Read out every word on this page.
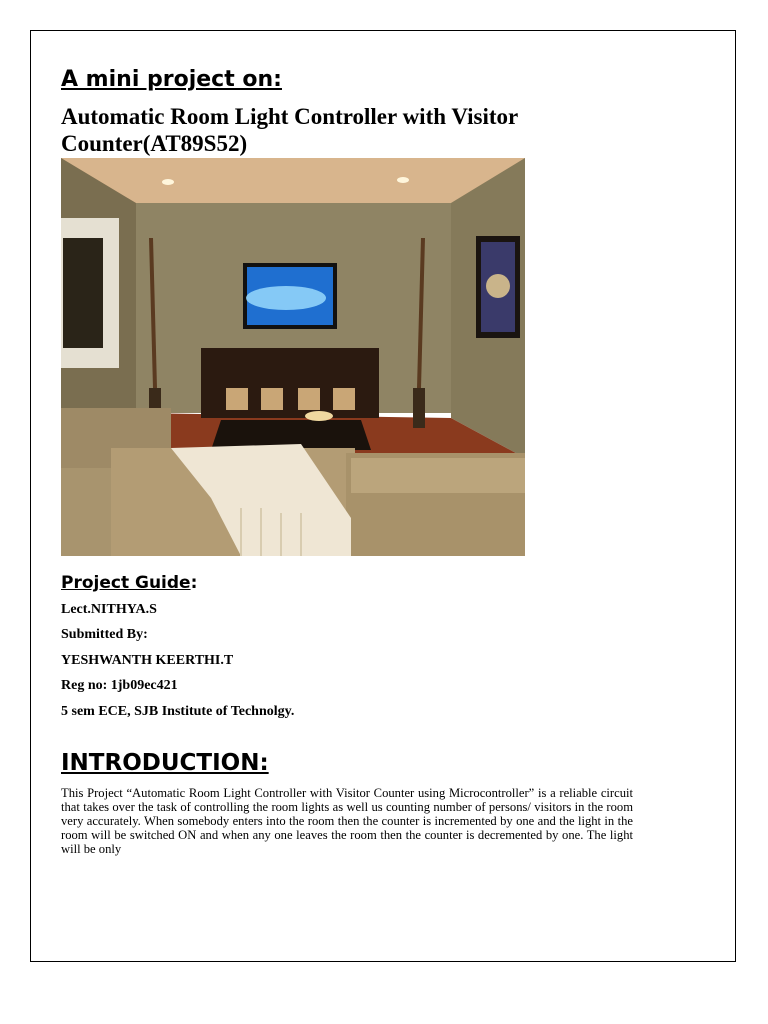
A mini project on:
Automatic Room Light Controller with Visitor Counter(AT89S52)
Project Guide:

Lect.NITHYA.S

Submitted By:

YESHWANTH KEERTHI.T

Reg no: 1jb09ec421

5 sem ECE, SJB Institute of Technolgy.

INTRODUCTION:

This Project “Automatic Room Light Controller with Visitor Counter using Microcontroller” is a reliable circuit that takes over the task of controlling the room lights as well us counting number of persons/ visitors in the room very accurately. When somebody enters into the room then the counter is incremented by one and the light in the room will be switched ON and when any one leaves the room then the counter is decremented by one. The light will be only
